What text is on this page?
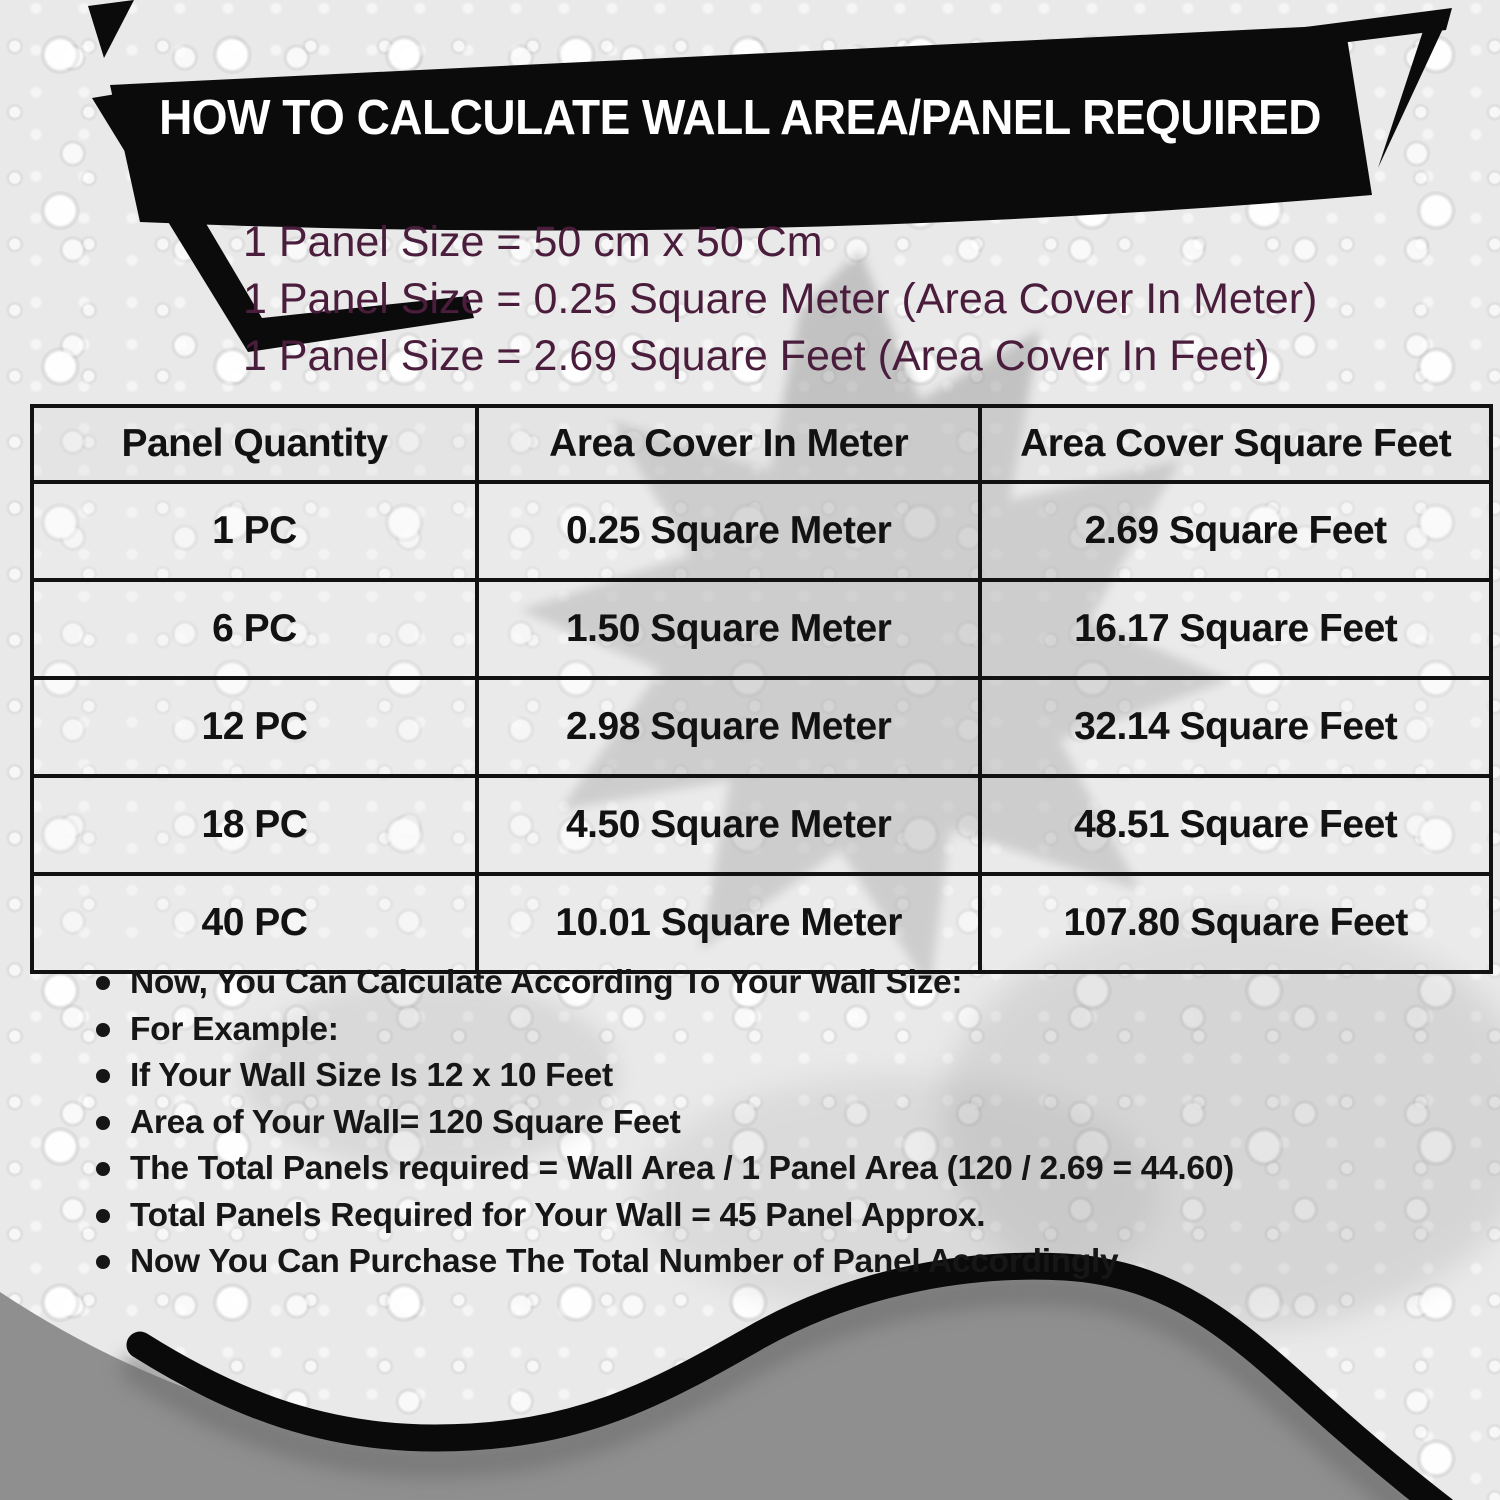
HOW TO CALCULATE WALL AREA/PANEL REQUIRED
1 Panel Size = 50 cm x 50 Cm
1 Panel Size = 0.25 Square Meter (Area Cover In Meter)
1 Panel Size = 2.69 Square Feet (Area Cover In Feet)
Panel Quantity	Area Cover In Meter	Area Cover Square Feet
1 PC	0.25 Square Meter	2.69 Square Feet
6 PC	1.50 Square Meter	16.17 Square Feet
12 PC	2.98 Square Meter	32.14 Square Feet
18 PC	4.50 Square Meter	48.51 Square Feet
40 PC	10.01 Square Meter	107.80 Square Feet
Now, You Can Calculate According To Your Wall Size:
For Example:
If Your Wall Size Is 12 x 10 Feet
Area of Your Wall= 120 Square Feet
The Total Panels required = Wall Area / 1 Panel Area (120 / 2.69 = 44.60)
Total Panels Required for Your Wall = 45 Panel Approx.
Now You Can Purchase The Total Number of Panel Accordingly
